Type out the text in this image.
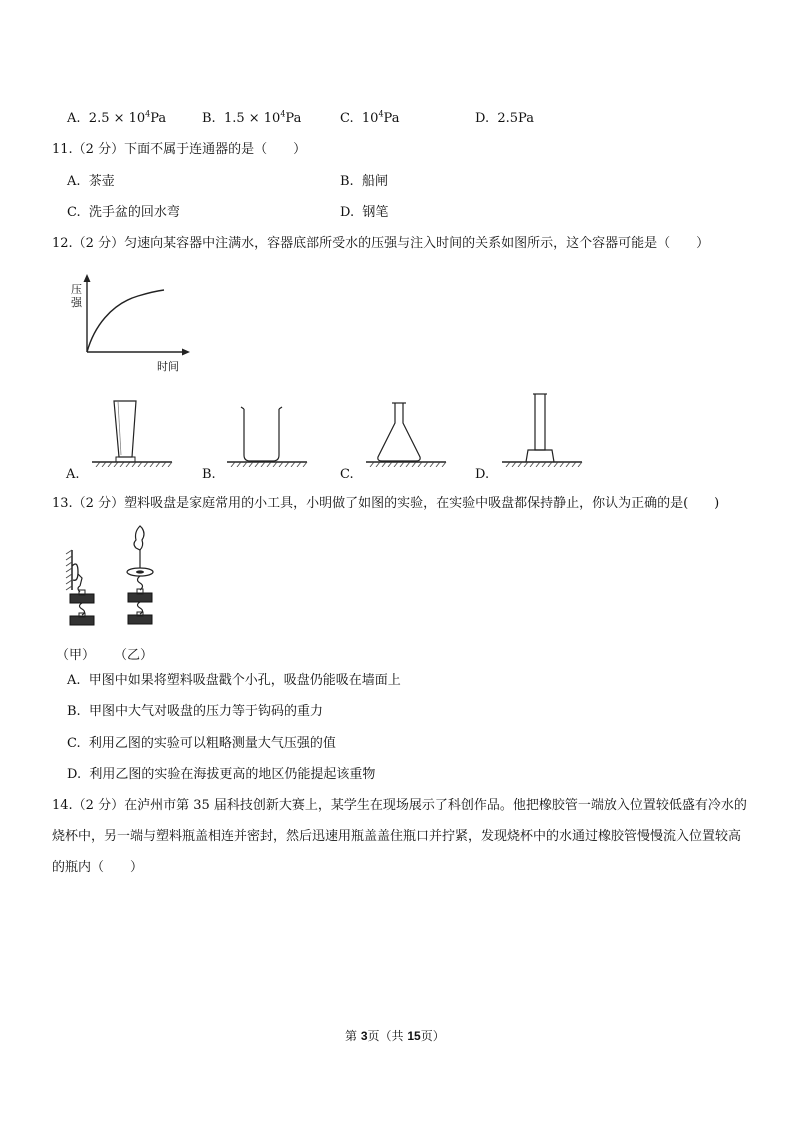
A. $2.5 \times 10^4Pa$	B. $1.5 \times 10^4Pa$	C. $10^4Pa$	D. 2.5Pa
11.（2 分）下面不属于连通器的是（　　）
A. 茶壶	B. 船闸
C. 洗手盆的回水弯	D. 钢笔
12.（2 分）匀速向某容器中注满水，容器底部所受水的压强与注入时间的关系如图所示，这个容器可能是（　　）
压
强
时间
A.	B.	C.	D.
13.（2 分）塑料吸盘是家庭常用的小工具，小明做了如图的实验，在实验中吸盘都保持静止，你认为正确的是(　　)
（甲） （乙）
A. 甲图中如果将塑料吸盘戳个小孔，吸盘仍能吸在墙面上
B. 甲图中大气对吸盘的压力等于钩码的重力
C. 利用乙图的实验可以粗略测量大气压强的值
D. 利用乙图的实验在海拔更高的地区仍能提起该重物
14.（2 分）在泸州市第 35 届科技创新大赛上，某学生在现场展示了科创作品。他把橡胶管一端放入位置较低盛有冷水的烧杯中，另一端与塑料瓶盖相连并密封，然后迅速用瓶盖盖住瓶口并拧紧，发现烧杯中的水通过橡胶管慢慢流入位置较高的瓶内（　　）
第 3页（共 15页）
